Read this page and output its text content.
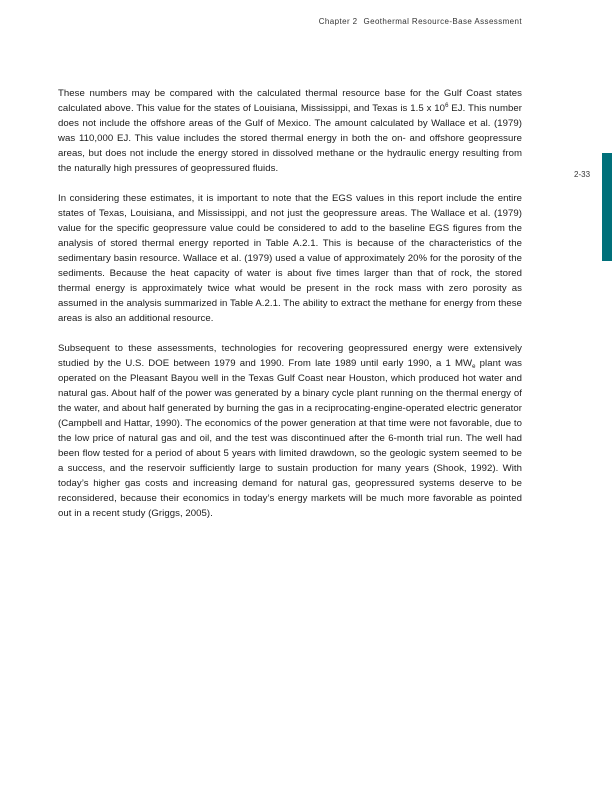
Chapter 2 Geothermal Resource-Base Assessment
2-33

These numbers may be compared with the calculated thermal resource base for the Gulf Coast states calculated above. This value for the states of Louisiana, Mississippi, and Texas is 1.5 x $10^6$ EJ. This number does not include the offshore areas of the Gulf of Mexico. The amount calculated by Wallace et al. (1979) was 110,000 EJ. This value includes the stored thermal energy in both the on- and offshore geopressure areas, but does not include the energy stored in dissolved methane or the hydraulic energy resulting from the naturally high pressures of geopressured fluids.

In considering these estimates, it is important to note that the EGS values in this report include the entire states of Texas, Louisiana, and Mississippi, and not just the geopressure areas. The Wallace et al. (1979) value for the specific geopressure value could be considered to add to the baseline EGS figures from the analysis of stored thermal energy reported in Table A.2.1. This is because of the characteristics of the sedimentary basin resource. Wallace et al. (1979) used a value of approximately 20% for the porosity of the sediments. Because the heat capacity of water is about five times larger than that of rock, the stored thermal energy is approximately twice what would be present in the rock mass with zero porosity as assumed in the analysis summarized in Table A.2.1. The ability to extract the methane for energy from these areas is also an additional resource.

Subsequent to these assessments, technologies for recovering geopressured energy were extensively studied by the U.S. DOE between 1979 and 1990. From late 1989 until early 1990, a 1 $MW_e$ plant was operated on the Pleasant Bayou well in the Texas Gulf Coast near Houston, which produced hot water and natural gas. About half of the power was generated by a binary cycle plant running on the thermal energy of the water, and about half generated by burning the gas in a reciprocating-engine-operated electric generator (Campbell and Hattar, 1990). The economics of the power generation at that time were not favorable, due to the low price of natural gas and oil, and the test was discontinued after the 6-month trial run. The well had been flow tested for a period of about 5 years with limited drawdown, so the geologic system seemed to be a success, and the reservoir sufficiently large to sustain production for many years (Shook, 1992). With today’s higher gas costs and increasing demand for natural gas, geopressured systems deserve to be reconsidered, because their economics in today’s energy markets will be much more favorable as pointed out in a recent study (Griggs, 2005).
